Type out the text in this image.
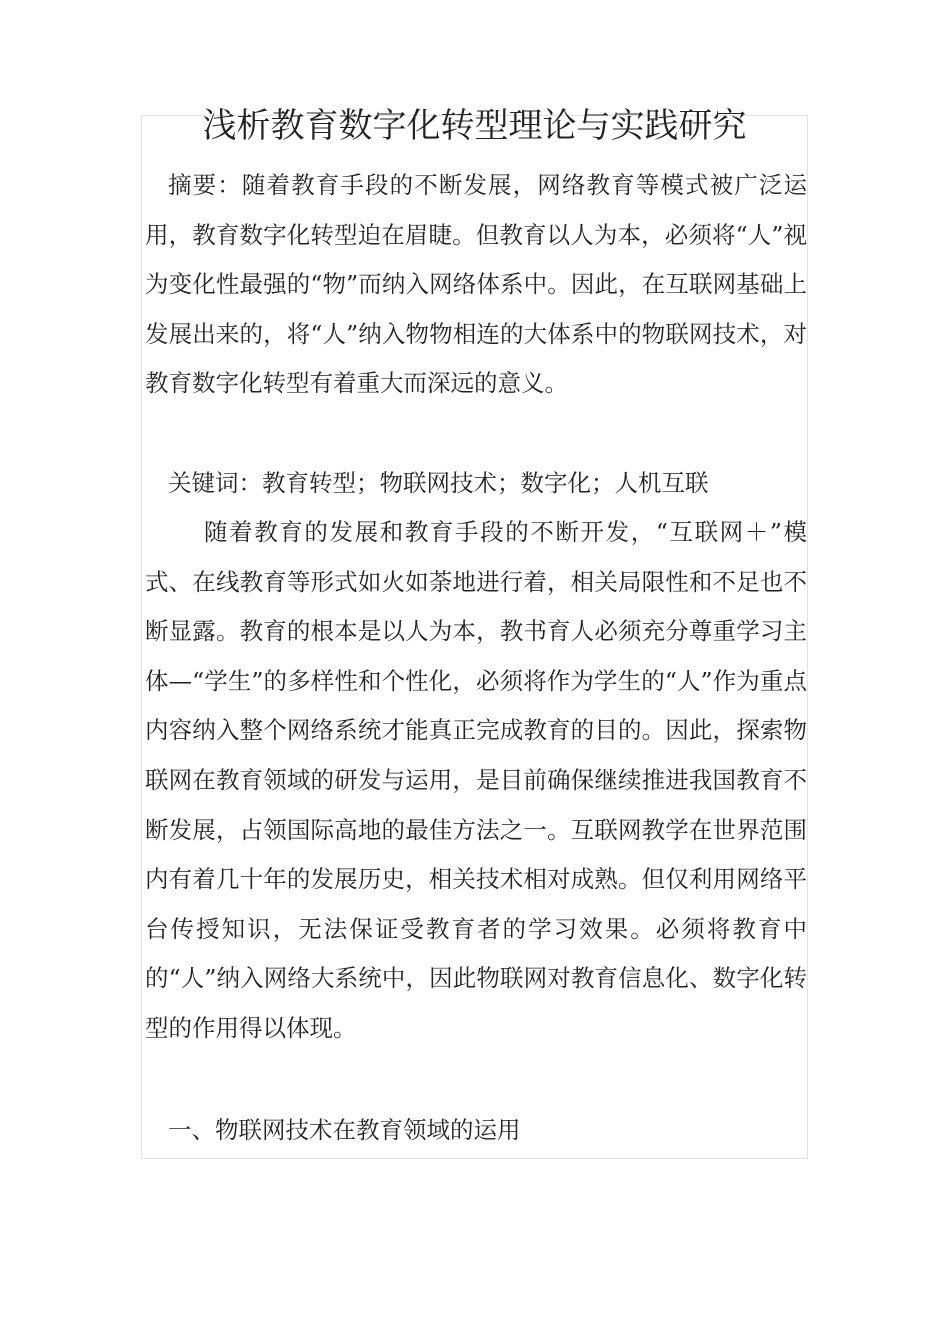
浅析教育数字化转型理论与实践研究

摘要：随着教育手段的不断发展，网络教育等模式被广泛运用，教育数字化转型迫在眉睫。但教育以人为本，必须将“人”视为变化性最强的“物”而纳入网络体系中。因此，在互联网基础上发展出来的，将“人”纳入物物相连的大体系中的物联网技术，对教育数字化转型有着重大而深远的意义。

关键词：教育转型；物联网技术；数字化；人机互联

随着教育的发展和教育手段的不断开发，“互联网＋”模式、在线教育等形式如火如荼地进行着，相关局限性和不足也不断显露。教育的根本是以人为本，教书育人必须充分尊重学习主体—“学生”的多样性和个性化，必须将作为学生的“人”作为重点内容纳入整个网络系统才能真正完成教育的目的。因此，探索物联网在教育领域的研发与运用，是目前确保继续推进我国教育不断发展，占领国际高地的最佳方法之一。互联网教学在世界范围内有着几十年的发展历史，相关技术相对成熟。但仅利用网络平台传授知识，无法保证受教育者的学习效果。必须将教育中的“人”纳入网络大系统中，因此物联网对教育信息化、数字化转型的作用得以体现。

一、物联网技术在教育领域的运用
